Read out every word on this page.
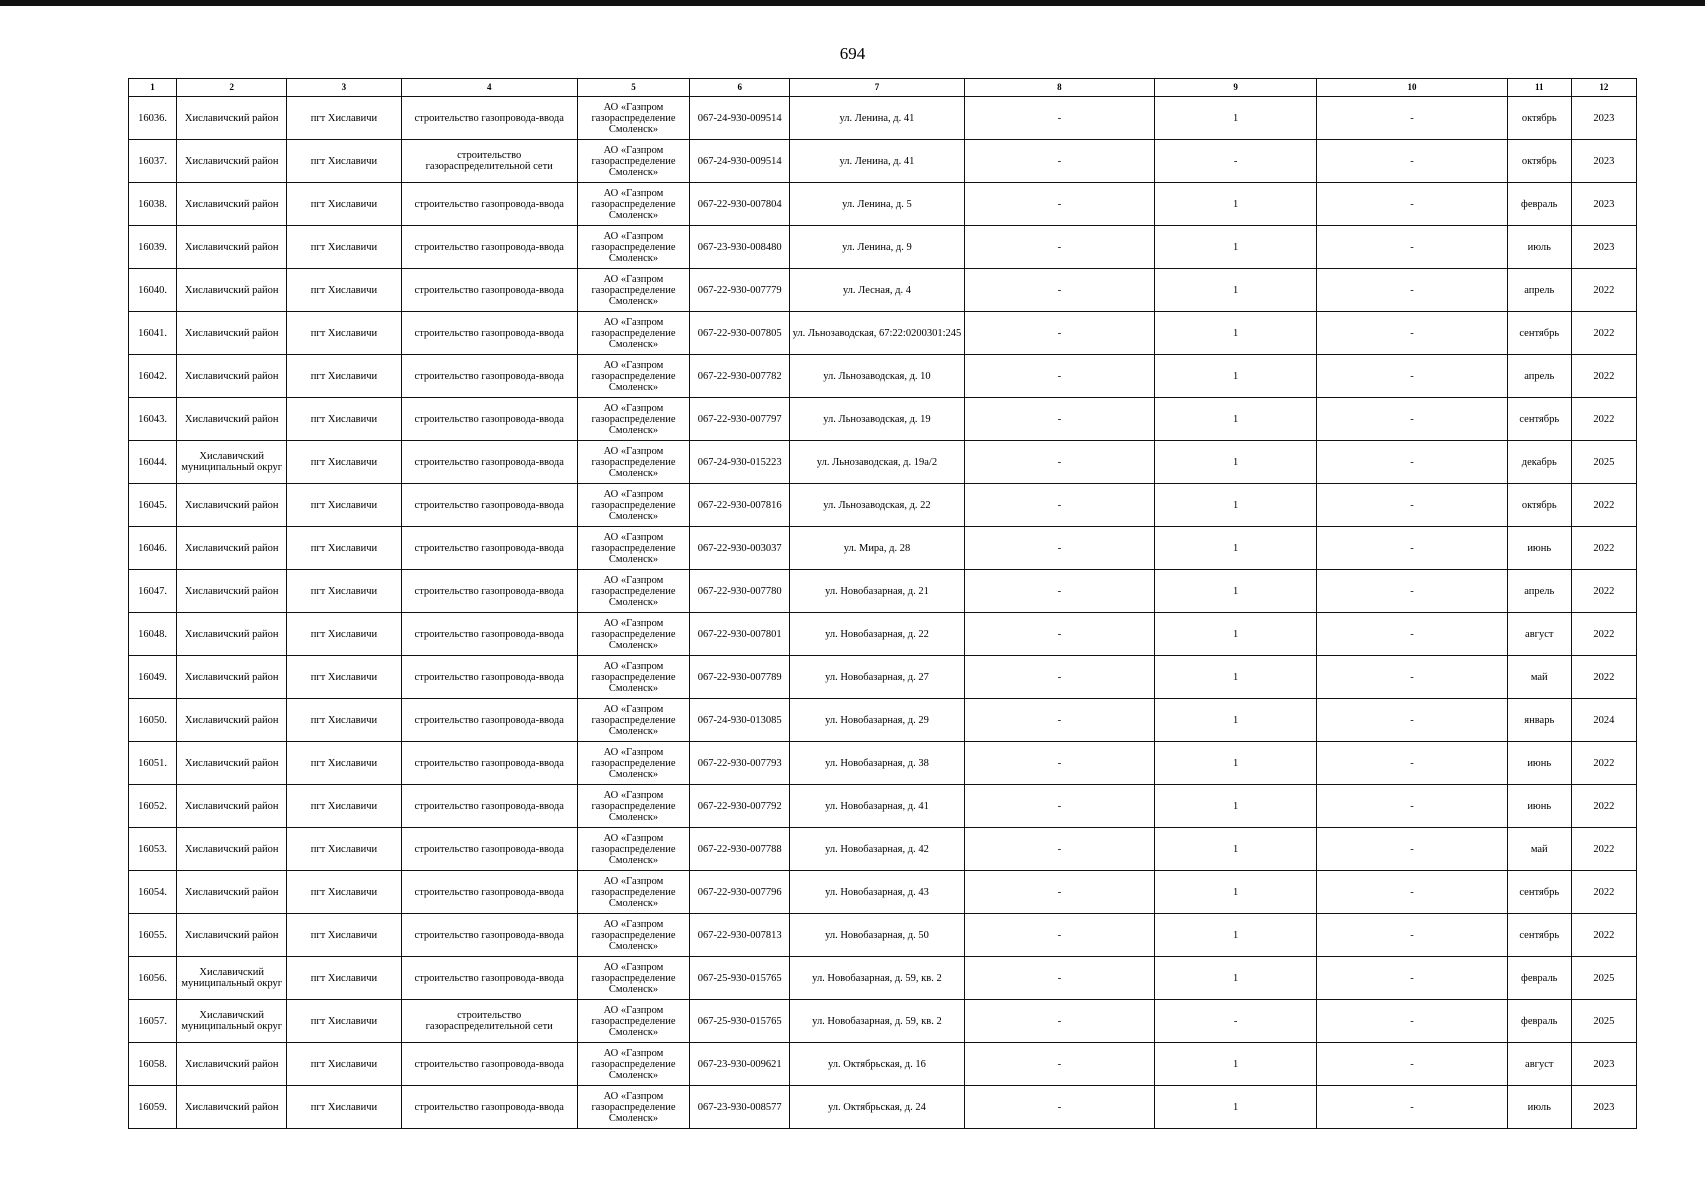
694
1	2	3	4	5	6	7	8	9	10	11	12
16036.	Хиславичский район	пгт Хиславичи	строительство газопровода-ввода	АО «Газпром
газораспределение
Смоленск»	067-24-930-009514	ул. Ленина, д. 41	-	1	-	октябрь	2023
16037.	Хиславичский район	пгт Хиславичи	строительство газораспределительной сети	АО «Газпром
газораспределение
Смоленск»	067-24-930-009514	ул. Ленина, д. 41	-	-	-	октябрь	2023
16038.	Хиславичский район	пгт Хиславичи	строительство газопровода-ввода	АО «Газпром
газораспределение
Смоленск»	067-22-930-007804	ул. Ленина, д. 5	-	1	-	февраль	2023
16039.	Хиславичский район	пгт Хиславичи	строительство газопровода-ввода	АО «Газпром
газораспределение
Смоленск»	067-23-930-008480	ул. Ленина, д. 9	-	1	-	июль	2023
16040.	Хиславичский район	пгт Хиславичи	строительство газопровода-ввода	АО «Газпром
газораспределение
Смоленск»	067-22-930-007779	ул. Лесная, д. 4	-	1	-	апрель	2022
16041.	Хиславичский район	пгт Хиславичи	строительство газопровода-ввода	АО «Газпром
газораспределение
Смоленск»	067-22-930-007805	ул. Льнозаводская, 67:22:0200301:245	-	1	-	сентябрь	2022
16042.	Хиславичский район	пгт Хиславичи	строительство газопровода-ввода	АО «Газпром
газораспределение
Смоленск»	067-22-930-007782	ул. Льнозаводская, д. 10	-	1	-	апрель	2022
16043.	Хиславичский район	пгт Хиславичи	строительство газопровода-ввода	АО «Газпром
газораспределение
Смоленск»	067-22-930-007797	ул. Льнозаводская, д. 19	-	1	-	сентябрь	2022
16044.	Хиславичский муниципальный округ	пгт Хиславичи	строительство газопровода-ввода	АО «Газпром
газораспределение
Смоленск»	067-24-930-015223	ул. Льнозаводская, д. 19а/2	-	1	-	декабрь	2025
16045.	Хиславичский район	пгт Хиславичи	строительство газопровода-ввода	АО «Газпром
газораспределение
Смоленск»	067-22-930-007816	ул. Льнозаводская, д. 22	-	1	-	октябрь	2022
16046.	Хиславичский район	пгт Хиславичи	строительство газопровода-ввода	АО «Газпром
газораспределение
Смоленск»	067-22-930-003037	ул. Мира, д. 28	-	1	-	июнь	2022
16047.	Хиславичский район	пгт Хиславичи	строительство газопровода-ввода	АО «Газпром
газораспределение
Смоленск»	067-22-930-007780	ул. Новобазарная, д. 21	-	1	-	апрель	2022
16048.	Хиславичский район	пгт Хиславичи	строительство газопровода-ввода	АО «Газпром
газораспределение
Смоленск»	067-22-930-007801	ул. Новобазарная, д. 22	-	1	-	август	2022
16049.	Хиславичский район	пгт Хиславичи	строительство газопровода-ввода	АО «Газпром
газораспределение
Смоленск»	067-22-930-007789	ул. Новобазарная, д. 27	-	1	-	май	2022
16050.	Хиславичский район	пгт Хиславичи	строительство газопровода-ввода	АО «Газпром
газораспределение
Смоленск»	067-24-930-013085	ул. Новобазарная, д. 29	-	1	-	январь	2024
16051.	Хиславичский район	пгт Хиславичи	строительство газопровода-ввода	АО «Газпром
газораспределение
Смоленск»	067-22-930-007793	ул. Новобазарная, д. 38	-	1	-	июнь	2022
16052.	Хиславичский район	пгт Хиславичи	строительство газопровода-ввода	АО «Газпром
газораспределение
Смоленск»	067-22-930-007792	ул. Новобазарная, д. 41	-	1	-	июнь	2022
16053.	Хиславичский район	пгт Хиславичи	строительство газопровода-ввода	АО «Газпром
газораспределение
Смоленск»	067-22-930-007788	ул. Новобазарная, д. 42	-	1	-	май	2022
16054.	Хиславичский район	пгт Хиславичи	строительство газопровода-ввода	АО «Газпром
газораспределение
Смоленск»	067-22-930-007796	ул. Новобазарная, д. 43	-	1	-	сентябрь	2022
16055.	Хиславичский район	пгт Хиславичи	строительство газопровода-ввода	АО «Газпром
газораспределение
Смоленск»	067-22-930-007813	ул. Новобазарная, д. 50	-	1	-	сентябрь	2022
16056.	Хиславичский муниципальный округ	пгт Хиславичи	строительство газопровода-ввода	АО «Газпром
газораспределение
Смоленск»	067-25-930-015765	ул. Новобазарная, д. 59, кв. 2	-	1	-	февраль	2025
16057.	Хиславичский муниципальный округ	пгт Хиславичи	строительство газораспределительной сети	АО «Газпром
газораспределение
Смоленск»	067-25-930-015765	ул. Новобазарная, д. 59, кв. 2	-	-	-	февраль	2025
16058.	Хиславичский район	пгт Хиславичи	строительство газопровода-ввода	АО «Газпром
газораспределение
Смоленск»	067-23-930-009621	ул. Октябрьская, д. 16	-	1	-	август	2023
16059.	Хиславичский район	пгт Хиславичи	строительство газопровода-ввода	АО «Газпром
газораспределение
Смоленск»	067-23-930-008577	ул. Октябрьская, д. 24	-	1	-	июль	2023
